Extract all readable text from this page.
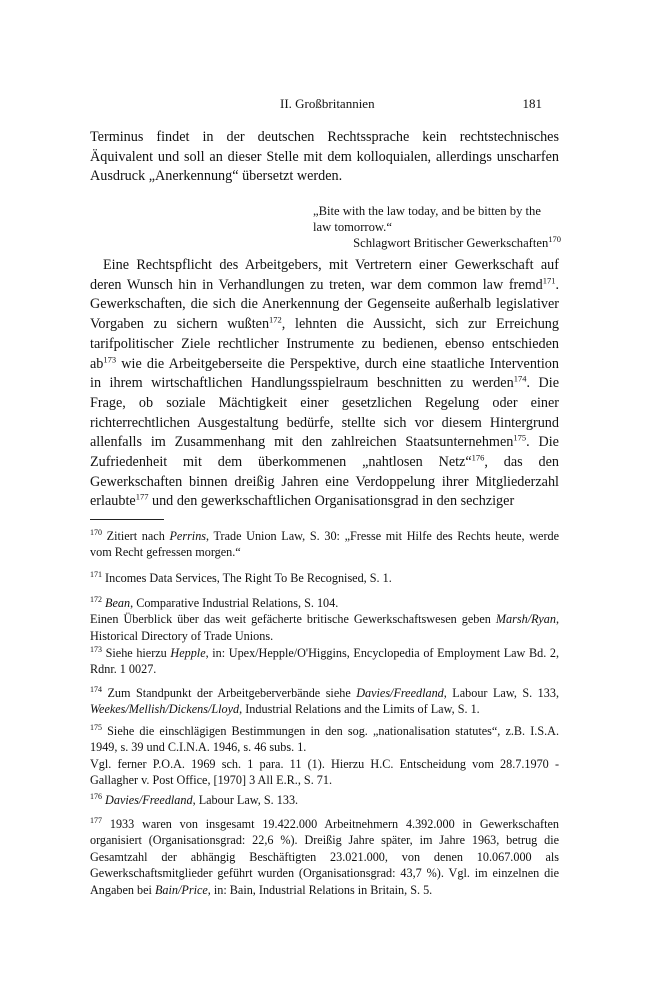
II. Großbritannien	181
Terminus findet in der deutschen Rechtssprache kein rechtstechnisches Äquivalent und soll an dieser Stelle mit dem kolloquialen, allerdings unscharfen Ausdruck „Anerkennung“ übersetzt werden.
„Bite with the law today, and be bitten by the law tomorrow.“
Schlagwort Britischer Gewerkschaften$^{170}$
Eine Rechtspflicht des Arbeitgebers, mit Vertretern einer Gewerkschaft auf deren Wunsch hin in Verhandlungen zu treten, war dem common law fremd$^{171}$. Gewerkschaften, die sich die Anerkennung der Gegenseite außerhalb legislativer Vorgaben zu sichern wußten$^{172}$, lehnten die Aussicht, sich zur Erreichung tarifpolitischer Ziele rechtlicher Instrumente zu bedienen, ebenso entschieden $ab^{173}$ wie die Arbeitgeberseite die Perspektive, durch eine staatliche Intervention in ihrem wirtschaftlichen Handlungsspielraum beschnitten zu werden$^{174}$. Die Frage, ob soziale Mächtigkeit einer gesetzlichen Regelung oder einer richterrechtlichen Ausgestaltung bedürfe, stellte sich vor diesem Hintergrund allenfalls im Zusammenhang mit den zahlreichen Staatsunternehmen$^{175}$. Die Zufriedenheit mit dem überkommenen „nahtlosen Netz“$^{176}$, das den Gewerkschaften binnen dreißig Jahren eine Verdoppelung ihrer Mitgliederzahl erlaubte$^{177}$ und den gewerkschaftlichen Organisationsgrad in den sechziger
$^{170}$ Zitiert nach Perrins, Trade Union Law, S. 30: „Fresse mit Hilfe des Rechts heute, werde vom Recht gefressen morgen.“
$^{171}$ Incomes Data Services, The Right To Be Recognised, S. 1.
$^{172}$ Bean, Comparative Industrial Relations, S. 104.
Einen Überblick über das weit gefächerte britische Gewerkschaftswesen geben Marsh/Ryan, Historical Directory of Trade Unions.
$^{173}$ Siehe hierzu Hepple, in: Upex/Hepple/O'Higgins, Encyclopedia of Employment Law Bd. 2, Rdnr. 1 0027.
$^{174}$ Zum Standpunkt der Arbeitgeberverbände siehe Davies/Freedland, Labour Law, S. 133, Weekes/Mellish/Dickens/Lloyd, Industrial Relations and the Limits of Law, S. 1.
$^{175}$ Siehe die einschlägigen Bestimmungen in den sog. „nationalisation statutes“, z.B. I.S.A. 1949, s. 39 und C.I.N.A. 1946, s. 46 subs. 1.
Vgl. ferner P.O.A. 1969 sch. 1 para. 11 (1). Hierzu H.C. Entscheidung vom 28.7.1970 - Gallagher v. Post Office, [1970] 3 All E.R., S. 71.
$^{176}$ Davies/Freedland, Labour Law, S. 133.
$^{177}$ 1933 waren von insgesamt 19.422.000 Arbeitnehmern 4.392.000 in Gewerkschaften organisiert (Organisationsgrad: 22,6 %). Dreißig Jahre später, im Jahre 1963, betrug die Gesamtzahl der abhängig Beschäftigten 23.021.000, von denen 10.067.000 als Gewerkschaftsmitglieder geführt wurden (Organisationsgrad: 43,7 %). Vgl. im einzelnen die Angaben bei Bain/Price, in: Bain, Industrial Relations in Britain, S. 5.
